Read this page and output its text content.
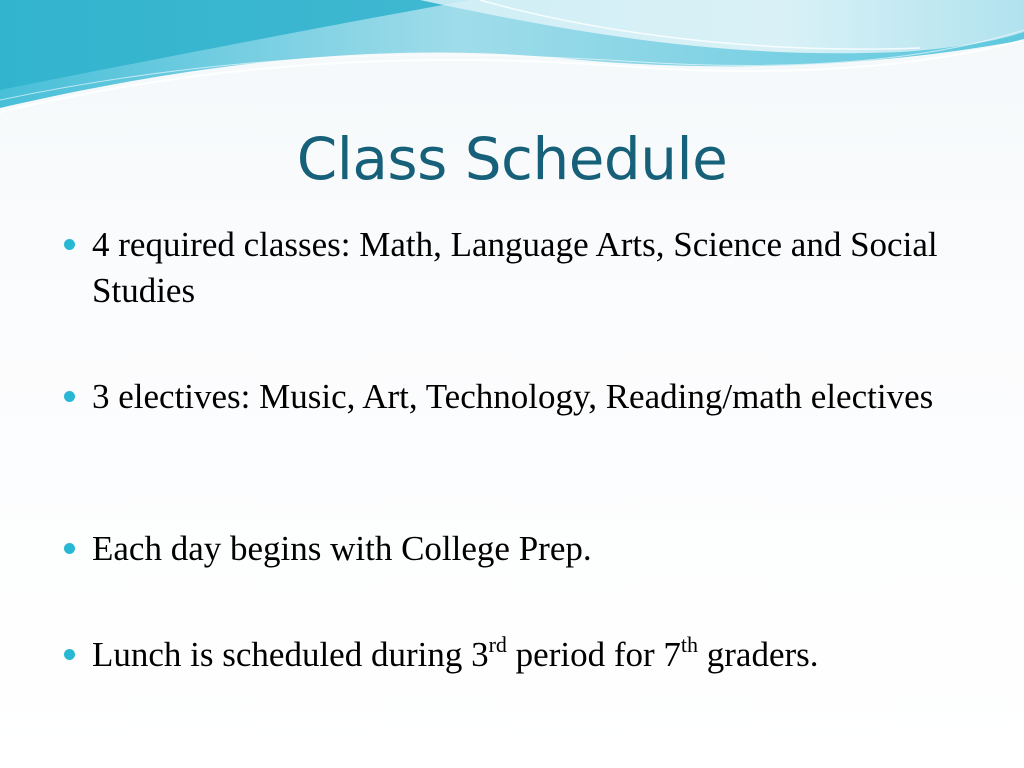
Class Schedule
4 required classes: Math, Language Arts, Science and Social Studies
3 electives: Music, Art, Technology, Reading/math electives
Each day begins with College Prep.
Lunch is scheduled during 3rd period for 7th graders.
